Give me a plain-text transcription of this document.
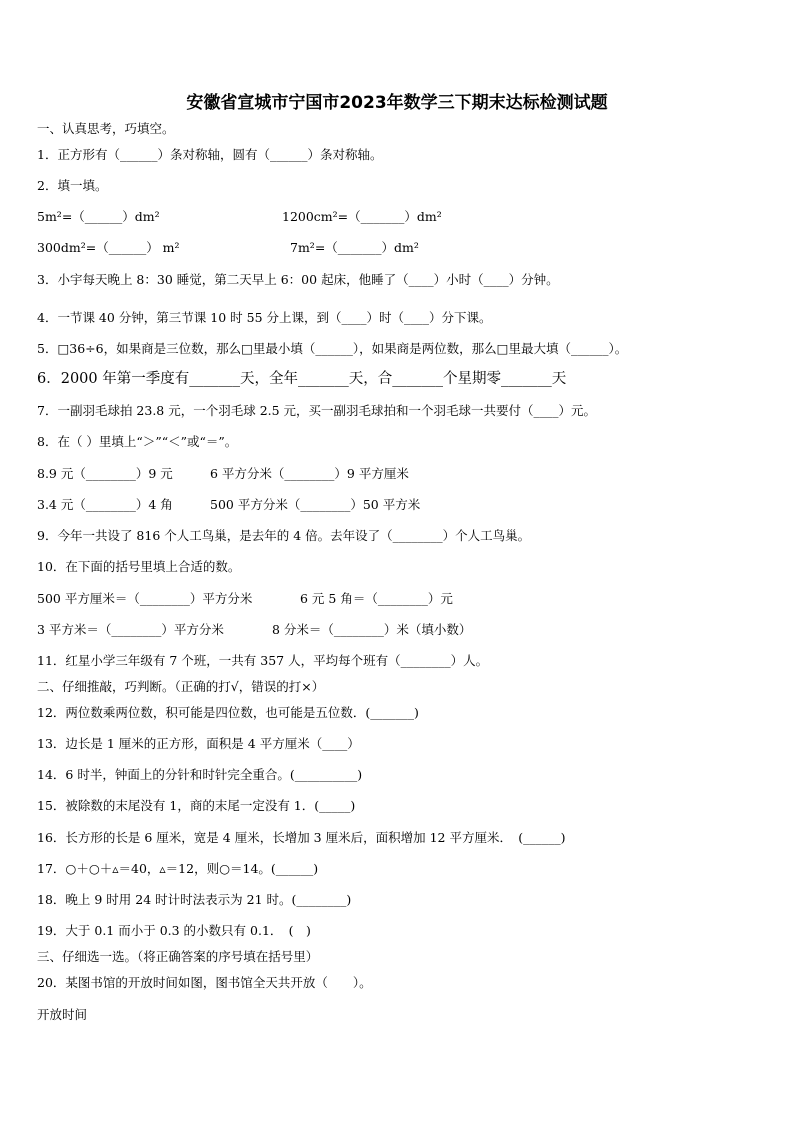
安徽省宣城市宁国市2023年数学三下期末达标检测试题
一、认真思考，巧填空。
1．正方形有（______）条对称轴，圆有（______）条对称轴。
2．填一填。
5m²=（______）dm²	1200cm²=（_______）dm²
300dm²=（______） m²	7m²=（_______）dm²
3．小宇每天晚上 8：30 睡觉，第二天早上 6：00 起床，他睡了（____）小时（____）分钟。
4．一节课 40 分钟，第三节课 10 时 55 分上课，到（____）时（____）分下课。
5．□36÷6，如果商是三位数，那么□里最小填（______），如果商是两位数，那么□里最大填（______）。
6．2000 年第一季度有_______天，全年_______天，合_______个星期零_______天
7．一副羽毛球拍 23.8 元，一个羽毛球 2.5 元，买一副羽毛球拍和一个羽毛球一共要付（____）元。
8．在（ ）里填上“＞”“＜”或“＝”。
8.9 元（________）9 元	6 平方分米（________）9 平方厘米
3.4 元（________）4 角	500 平方分米（________）50 平方米
9．今年一共设了 816 个人工鸟巢，是去年的 4 倍。去年设了（________）个人工鸟巢。
10．在下面的括号里填上合适的数。
500 平方厘米＝（________）平方分米	6 元 5 角＝（________）元
3 平方米＝（________）平方分米	8 分米＝（________）米（填小数）
11．红星小学三年级有 7 个班，一共有 357 人，平均每个班有（________）人。
二、仔细推敲，巧判断。（正确的打√，错误的打×）
12．两位数乘两位数，积可能是四位数，也可能是五位数．(_______)
13．边长是 1 厘米的正方形，面积是 4 平方厘米（____）
14．6 时半，钟面上的分针和时针完全重合。(__________)
15．被除数的末尾没有 1，商的末尾一定没有 1．(_____)
16．长方形的长是 6 厘米，宽是 4 厘米，长增加 3 厘米后，面积增加 12 平方厘米．　(______)
17．○＋○＋▵＝40，▵＝12，则○＝14。(______)
18．晚上 9 时用 24 时计时法表示为 21 时。(________)
19．大于 0.1 而小于 0.3 的小数只有 0.1．　(　)
三、仔细选一选。（将正确答案的序号填在括号里）
20．某图书馆的开放时间如图，图书馆全天共开放（　　）。
开放时间
